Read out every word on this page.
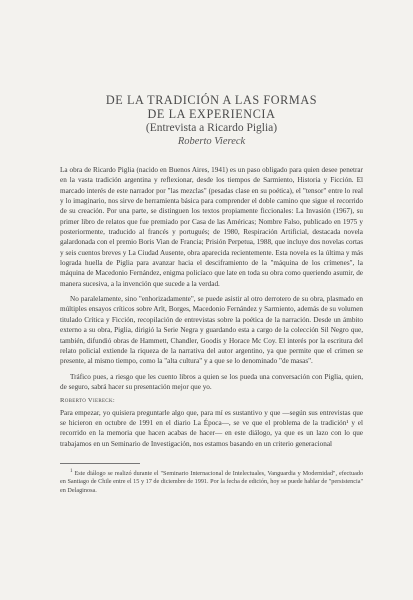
DE LA TRADICIÓN A LAS FORMAS
DE LA EXPERIENCIA
(Entrevista a Ricardo Piglia)
Roberto Viereck

La obra de Ricardo Piglia (nacido en Buenos Aires, 1941) es un paso obligado para quien desee penetrar en la vasta tradición argentina y reflexionar, desde los tiempos de Sarmiento, Historia y Ficción. El marcado interés de este narrador por "las mezclas" (pesadas clase en su poética), el "tensor" entre lo real y lo imaginario, nos sirve de herramienta básica para comprender el doble camino que sigue el recorrido de su creación. Por una parte, se distinguen los textos propiamente ficcionales: La Invasión (1967), su primer libro de relatos que fue premiado por Casa de las Américas; Nombre Falso, publicado en 1975 y posteriormente, traducido al francés y portugués; de 1980, Respiración Artificial, destacada novela galardonada con el premio Boris Vian de Francia; Prisión Perpetua, 1988, que incluye dos novelas cortas y seis cuentos breves y La Ciudad Ausente, obra aparecida recientemente. Esta novela es la última y más lograda huella de Piglia para avanzar hacia el desciframiento de la "máquina de los crímenes", la máquina de Macedonio Fernández, enigma policíaco que late en toda su obra como queriendo asumir, de manera sucesiva, a la invención que sucede a la verdad.

No paralelamente, sino "enhorizadamente", se puede asistir al otro derrotero de su obra, plasmado en múltiples ensayos críticos sobre Arlt, Borges, Macedonio Fernández y Sarmiento, además de su volumen titulado Crítica y Ficción, recopilación de entrevistas sobre la poética de la narración. Desde un ámbito externo a su obra, Piglia, dirigió la Serie Negra y guardando esta a cargo de la colección Sil Negro que, también, difundió obras de Hammett, Chandler, Goodis y Horace Mc Coy. El interés por la escritura del relato policial extiende la riqueza de la narrativa del autor argentino, ya que permite que el crimen se presente, al mismo tiempo, como la "alta cultura" y a que se lo denominado "de masas".

Tráfico pues, a riesgo que les cuento libros a quien se los pueda una conversación con Piglia, quien, de seguro, sabrá hacer su presentación mejor que yo.

Roberto Viereck:

Para empezar, yo quisiera preguntarle algo que, para mí es sustantivo y que —según sus entrevistas que se hicieron en octubre de 1991 en el diario La Época—, se ve que el problema de la tradición¹ y el recorrido en la memoria que hacen acabas de hacer— en este diálogo, ya que es un lazo con lo que trabajamos en un Seminario de Investigación, nos estamos basando en un criterio generacional

$^1$ Este diálogo se realizó durante el "Seminario Internacional de Intelectuales, Vanguardia y Modernidad", efectuado en Santiago de Chile entre el 15 y 17 de diciembre de 1991. Por la fecha de edición, hoy se puede hablar de "persistencia" en Delaginosa.
